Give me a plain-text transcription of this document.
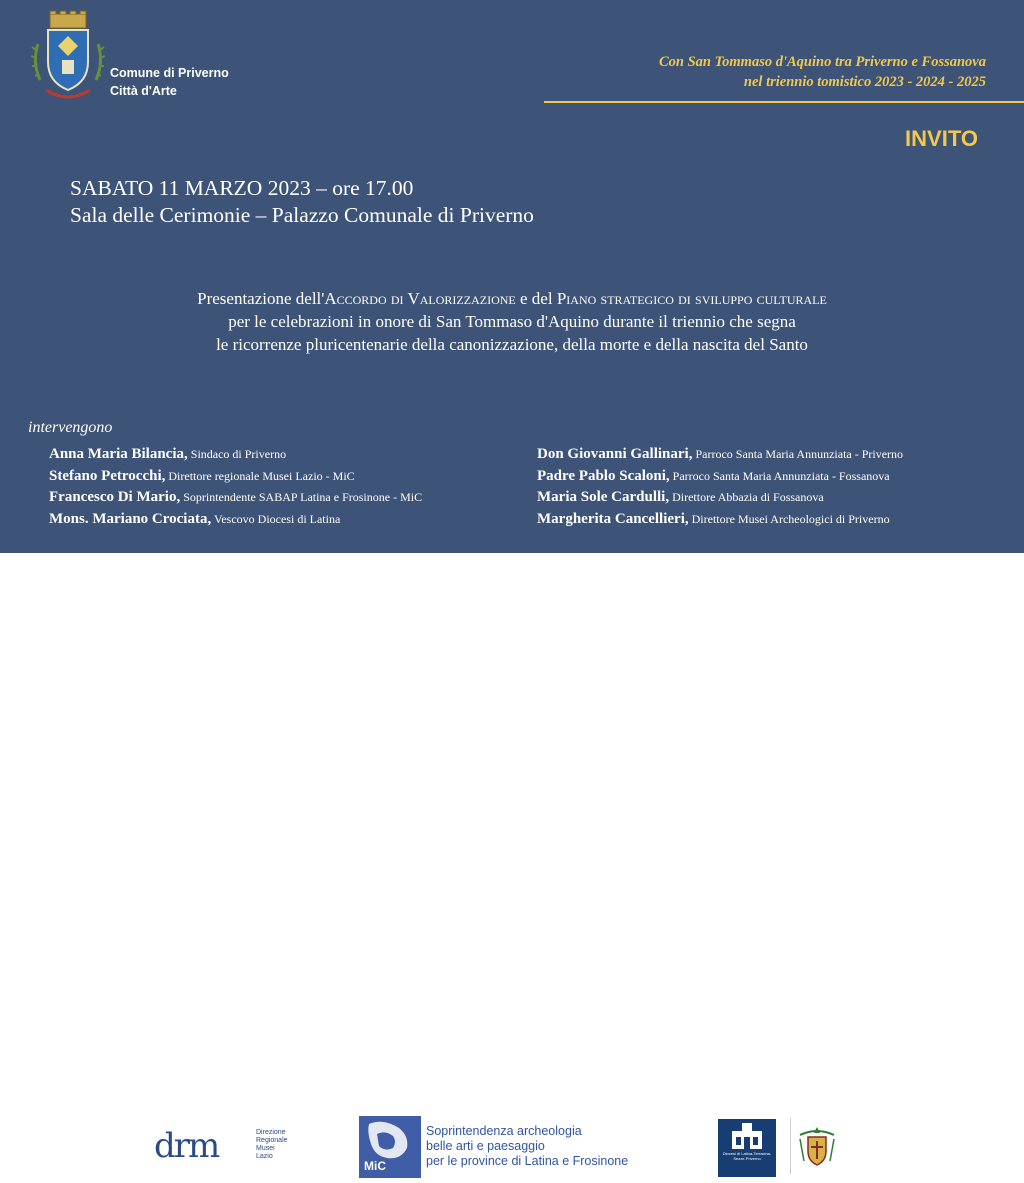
Comune di Priverno
Città d'Arte
Con San Tommaso d'Aquino tra Priverno e Fossanova
nel triennio tomistico 2023 - 2024 - 2025
INVITO
SABATO 11 MARZO 2023 – ore 17.00
Sala delle Cerimonie – Palazzo Comunale di Priverno
Presentazione dell'Accordo di Valorizzazione e del Piano strategico di sviluppo culturale
per le celebrazioni in onore di San Tommaso d'Aquino durante il triennio che segna
le ricorrenze pluricentenarie della canonizzazione, della morte e della nascita del Santo
intervengono
Anna Maria Bilancia, Sindaco di Priverno
Stefano Petrocchi, Direttore regionale Musei Lazio - MiC
Francesco Di Mario, Soprintendente SABAP Latina e Frosinone - MiC
Mons. Mariano Crociata, Vescovo Diocesi di Latina
Don Giovanni Gallinari, Parroco Santa Maria Annunziata - Priverno
Padre Pablo Scaloni, Parroco Santa Maria Annunziata - Fossanova
Maria Sole Cardulli, Direttore Abbazia di Fossanova
Margherita Cancellieri, Direttore Musei Archeologici di Priverno
drm	Direzione
Regionale
Musei
Lazio
MiC
Soprintendenza archeologia
belle arti e paesaggio
per le province di Latina e Frosinone
Diocesi di Latina-Terracina-Sezze-Priverno
